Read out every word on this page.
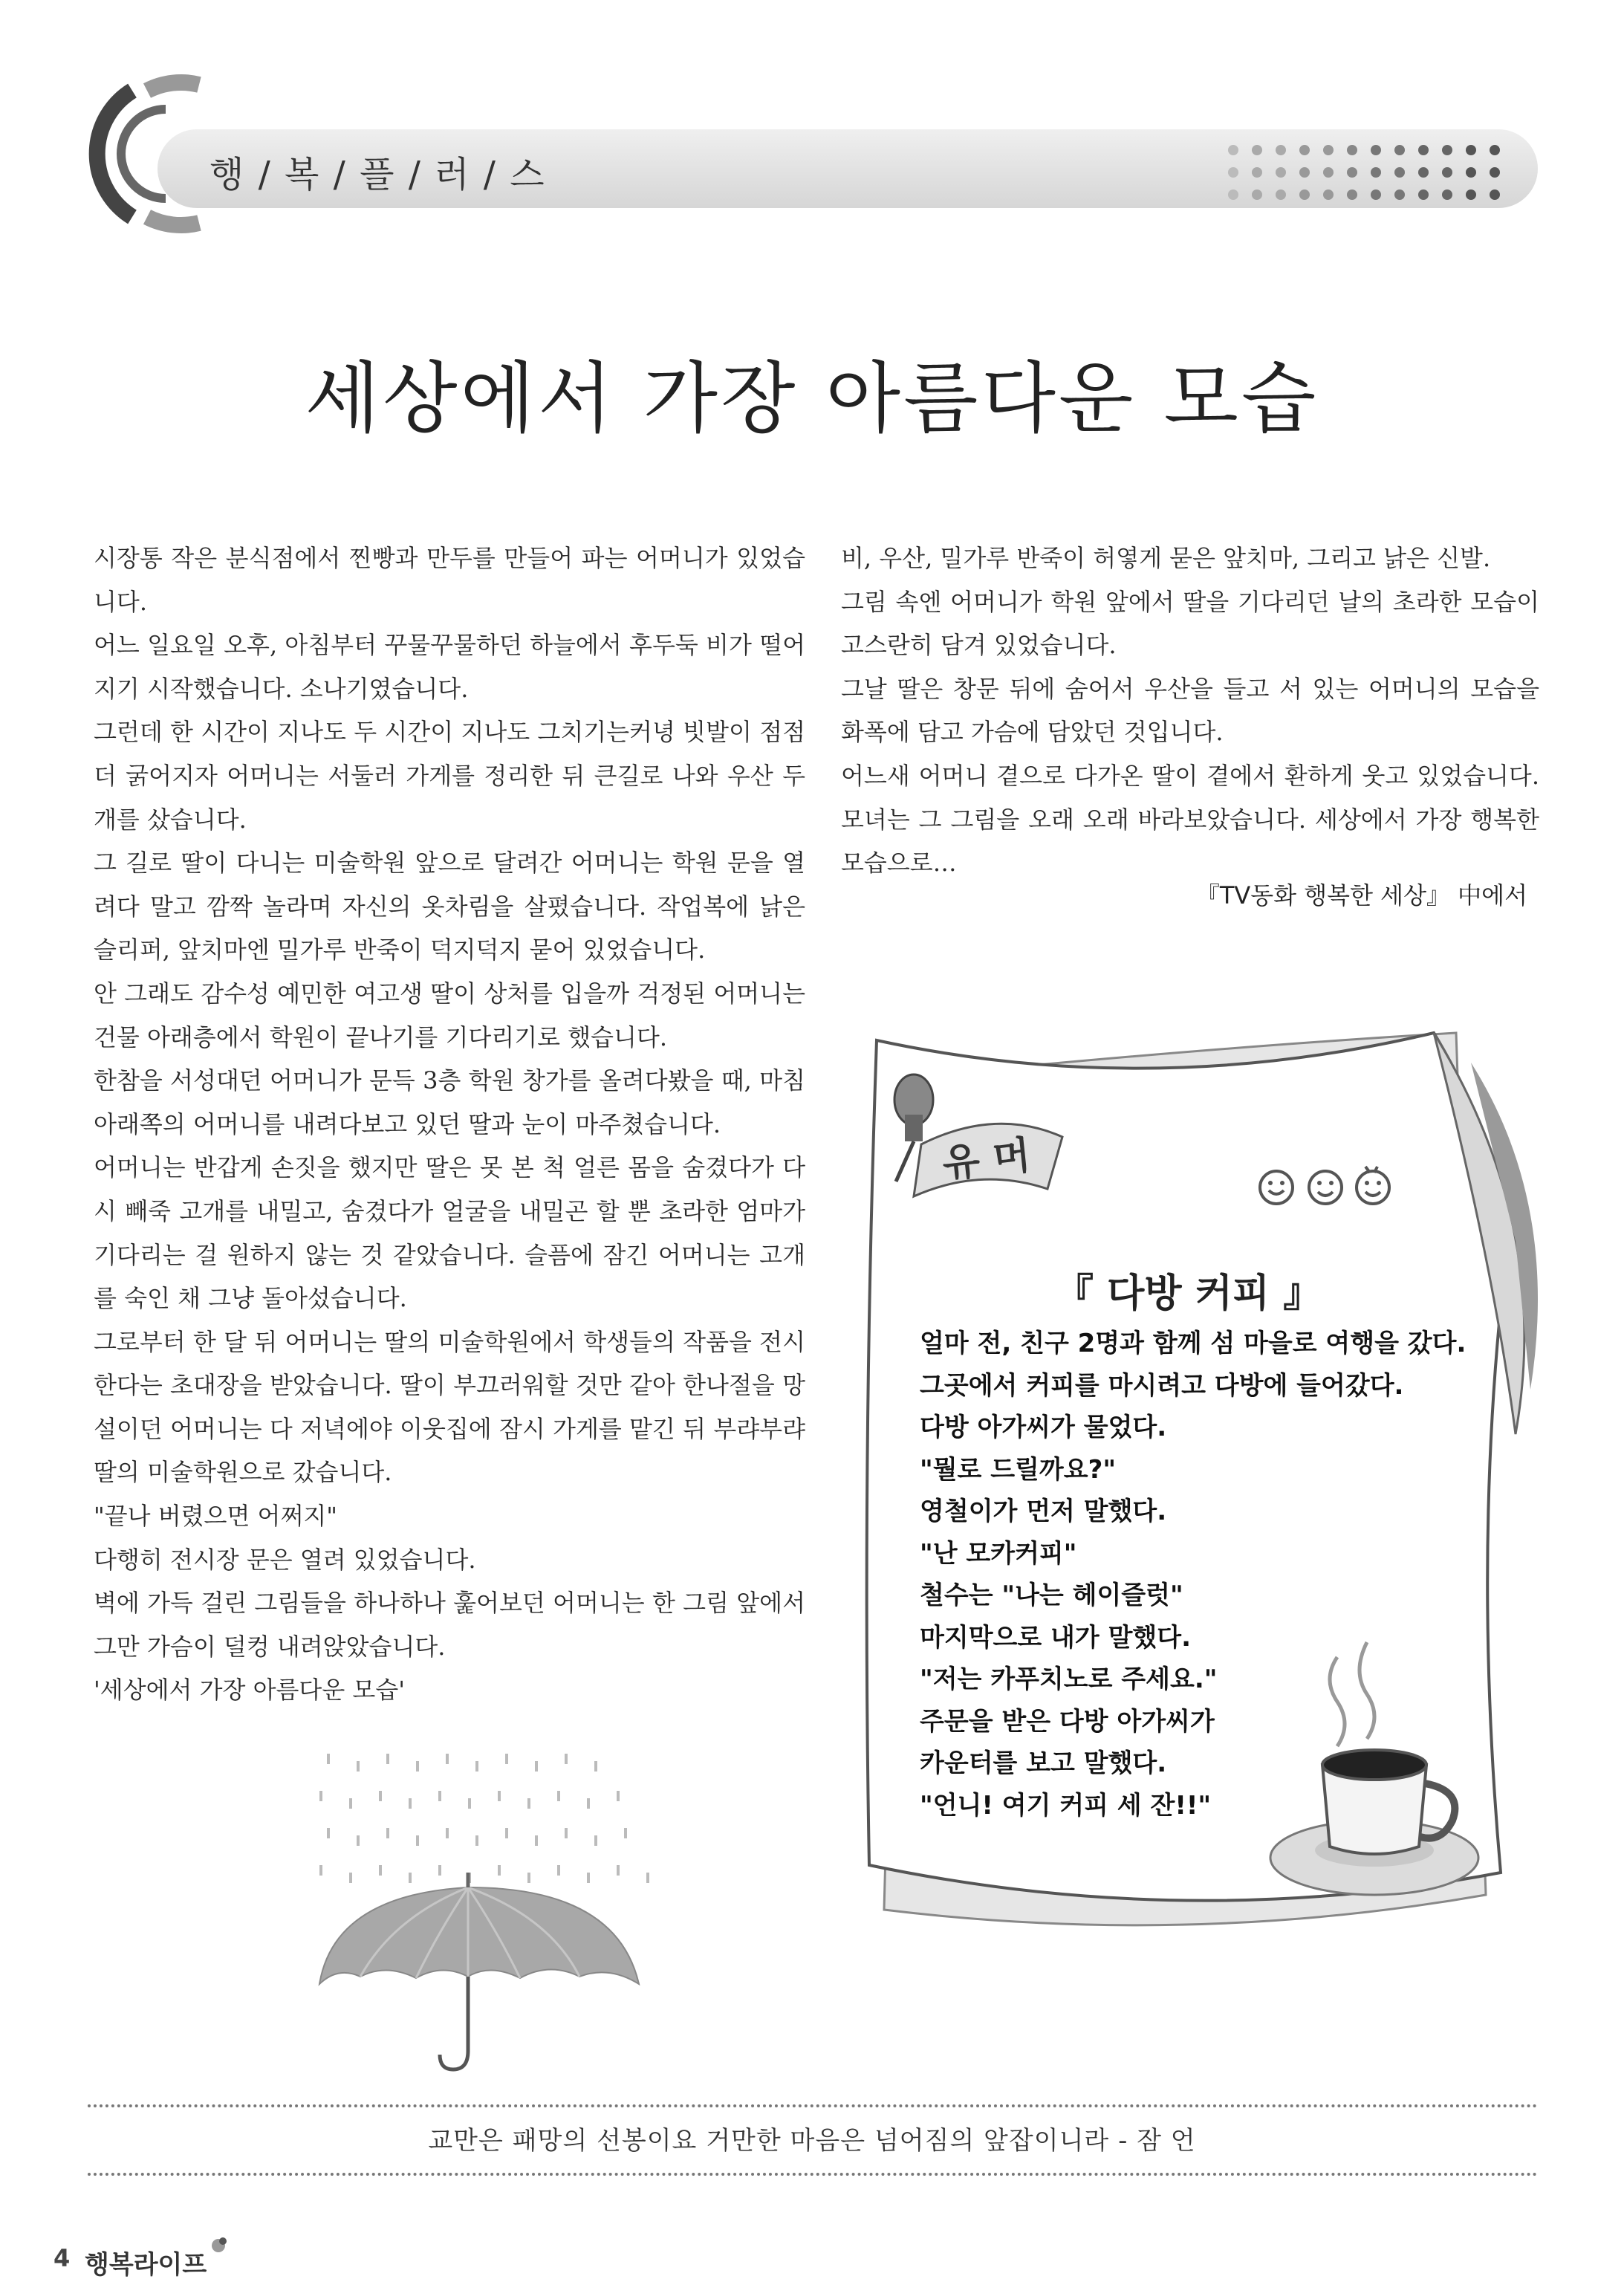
행 / 복 / 플 / 러 / 스
세상에서 가장 아름다운 모습

시장통 작은 분식점에서 찐빵과 만두를 만들어 파는 어머니가 있었습니다.

어느 일요일 오후, 아침부터 꾸물꾸물하던 하늘에서 후두둑 비가 떨어지기 시작했습니다. 소나기였습니다.

그런데 한 시간이 지나도 두 시간이 지나도 그치기는커녕 빗발이 점점 더 굵어지자 어머니는 서둘러 가게를 정리한 뒤 큰길로 나와 우산 두 개를 샀습니다.

그 길로 딸이 다니는 미술학원 앞으로 달려간 어머니는 학원 문을 열려다 말고 깜짝 놀라며 자신의 옷차림을 살폈습니다. 작업복에 낡은 슬리퍼, 앞치마엔 밀가루 반죽이 덕지덕지 묻어 있었습니다.

안 그래도 감수성 예민한 여고생 딸이 상처를 입을까 걱정된 어머니는 건물 아래층에서 학원이 끝나기를 기다리기로 했습니다.

한참을 서성대던 어머니가 문득 3층 학원 창가를 올려다봤을 때, 마침 아래쪽의 어머니를 내려다보고 있던 딸과 눈이 마주쳤습니다.

어머니는 반갑게 손짓을 했지만 딸은 못 본 척 얼른 몸을 숨겼다가 다시 빼죽 고개를 내밀고, 숨겼다가 얼굴을 내밀곤 할 뿐 초라한 엄마가 기다리는 걸 원하지 않는 것 같았습니다. 슬픔에 잠긴 어머니는 고개를 숙인 채 그냥 돌아섰습니다.

그로부터 한 달 뒤 어머니는 딸의 미술학원에서 학생들의 작품을 전시한다는 초대장을 받았습니다. 딸이 부끄러워할 것만 같아 한나절을 망설이던 어머니는 다 저녁에야 이웃집에 잠시 가게를 맡긴 뒤 부랴부랴 딸의 미술학원으로 갔습니다.

"끝나 버렸으면 어쩌지"

다행히 전시장 문은 열려 있었습니다.

벽에 가득 걸린 그림들을 하나하나 훑어보던 어머니는 한 그림 앞에서 그만 가슴이 덜컹 내려앉았습니다.

'세상에서 가장 아름다운 모습'

비, 우산, 밀가루 반죽이 허옇게 묻은 앞치마, 그리고 낡은 신발.

그림 속엔 어머니가 학원 앞에서 딸을 기다리던 날의 초라한 모습이 고스란히 담겨 있었습니다.

그날 딸은 창문 뒤에 숨어서 우산을 들고 서 있는 어머니의 모습을 화폭에 담고 가슴에 담았던 것입니다.

어느새 어머니 곁으로 다가온 딸이 곁에서 환하게 웃고 있었습니다. 모녀는 그 그림을 오래 오래 바라보았습니다. 세상에서 가장 행복한 모습으로…

『TV동화 행복한 세상』 中에서
유 머
『 다방 커피 』

얼마 전, 친구 2명과 함께 섬 마을로 여행을 갔다.

그곳에서 커피를 마시려고 다방에 들어갔다.

다방 아가씨가 물었다.

"뭘로 드릴까요?"

영철이가 먼저 말했다.

"난 모카커피"

철수는 "나는 헤이즐럿"

마지막으로 내가 말했다.

"저는 카푸치노로 주세요."

주문을 받은 다방 아가씨가

카운터를 보고 말했다.

"언니! 여기 커피 세 잔!!"

교만은 패망의 선봉이요 거만한 마음은 넘어짐의 앞잡이니라 - 잠 언
4 행복라이프
